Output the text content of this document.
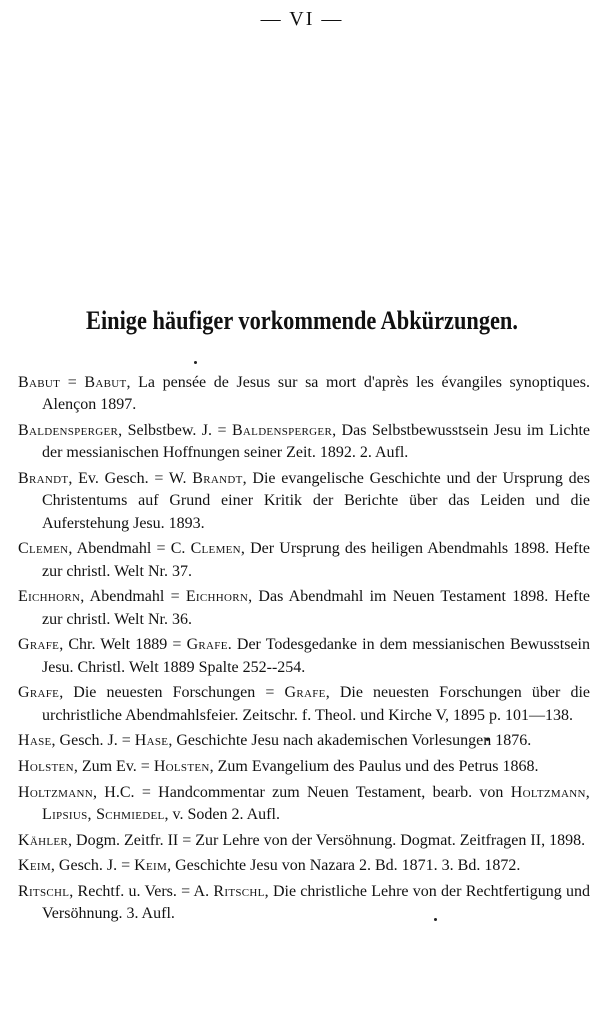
— VI —
Einige häufiger vorkommende Abkürzungen.

Babut = Babut, La pensée de Jesus sur sa mort d'après les évangiles synoptiques. Alençon 1897.

Baldensperger, Selbstbew. J. = Baldensperger, Das Selbstbewusstsein Jesu im Lichte der messianischen Hoffnungen seiner Zeit. 1892. 2. Aufl.

Brandt, Ev. Gesch. = W. Brandt, Die evangelische Geschichte und der Ursprung des Christentums auf Grund einer Kritik der Berichte über das Leiden und die Auferstehung Jesu. 1893.

Clemen, Abendmahl = C. Clemen, Der Ursprung des heiligen Abendmahls 1898. Hefte zur christl. Welt Nr. 37.

Eichhorn, Abendmahl = Eichhorn, Das Abendmahl im Neuen Testament 1898. Hefte zur christl. Welt Nr. 36.

Grafe, Chr. Welt 1889 = Grafe. Der Todesgedanke in dem messianischen Bewusstsein Jesu. Christl. Welt 1889 Spalte 252--254.

Grafe, Die neuesten Forschungen = Grafe, Die neuesten Forschungen über die urchristliche Abendmahlsfeier. Zeitschr. f. Theol. und Kirche V, 1895 p. 101—138.

Hase, Gesch. J. = Hase, Geschichte Jesu nach akademischen Vorlesungen 1876.

Holsten, Zum Ev. = Holsten, Zum Evangelium des Paulus und des Petrus 1868.

Holtzmann, H.C. = Handcommentar zum Neuen Testament, bearb. von Holtzmann, Lipsius, Schmiedel, v. Soden 2. Aufl.

Kähler, Dogm. Zeitfr. II = Zur Lehre von der Versöhnung. Dogmat. Zeitfragen II, 1898.

Keim, Gesch. J. = Keim, Geschichte Jesu von Nazara 2. Bd. 1871. 3. Bd. 1872.

Ritschl, Rechtf. u. Vers. = A. Ritschl, Die christliche Lehre von der Rechtfertigung und Versöhnung. 3. Aufl.
